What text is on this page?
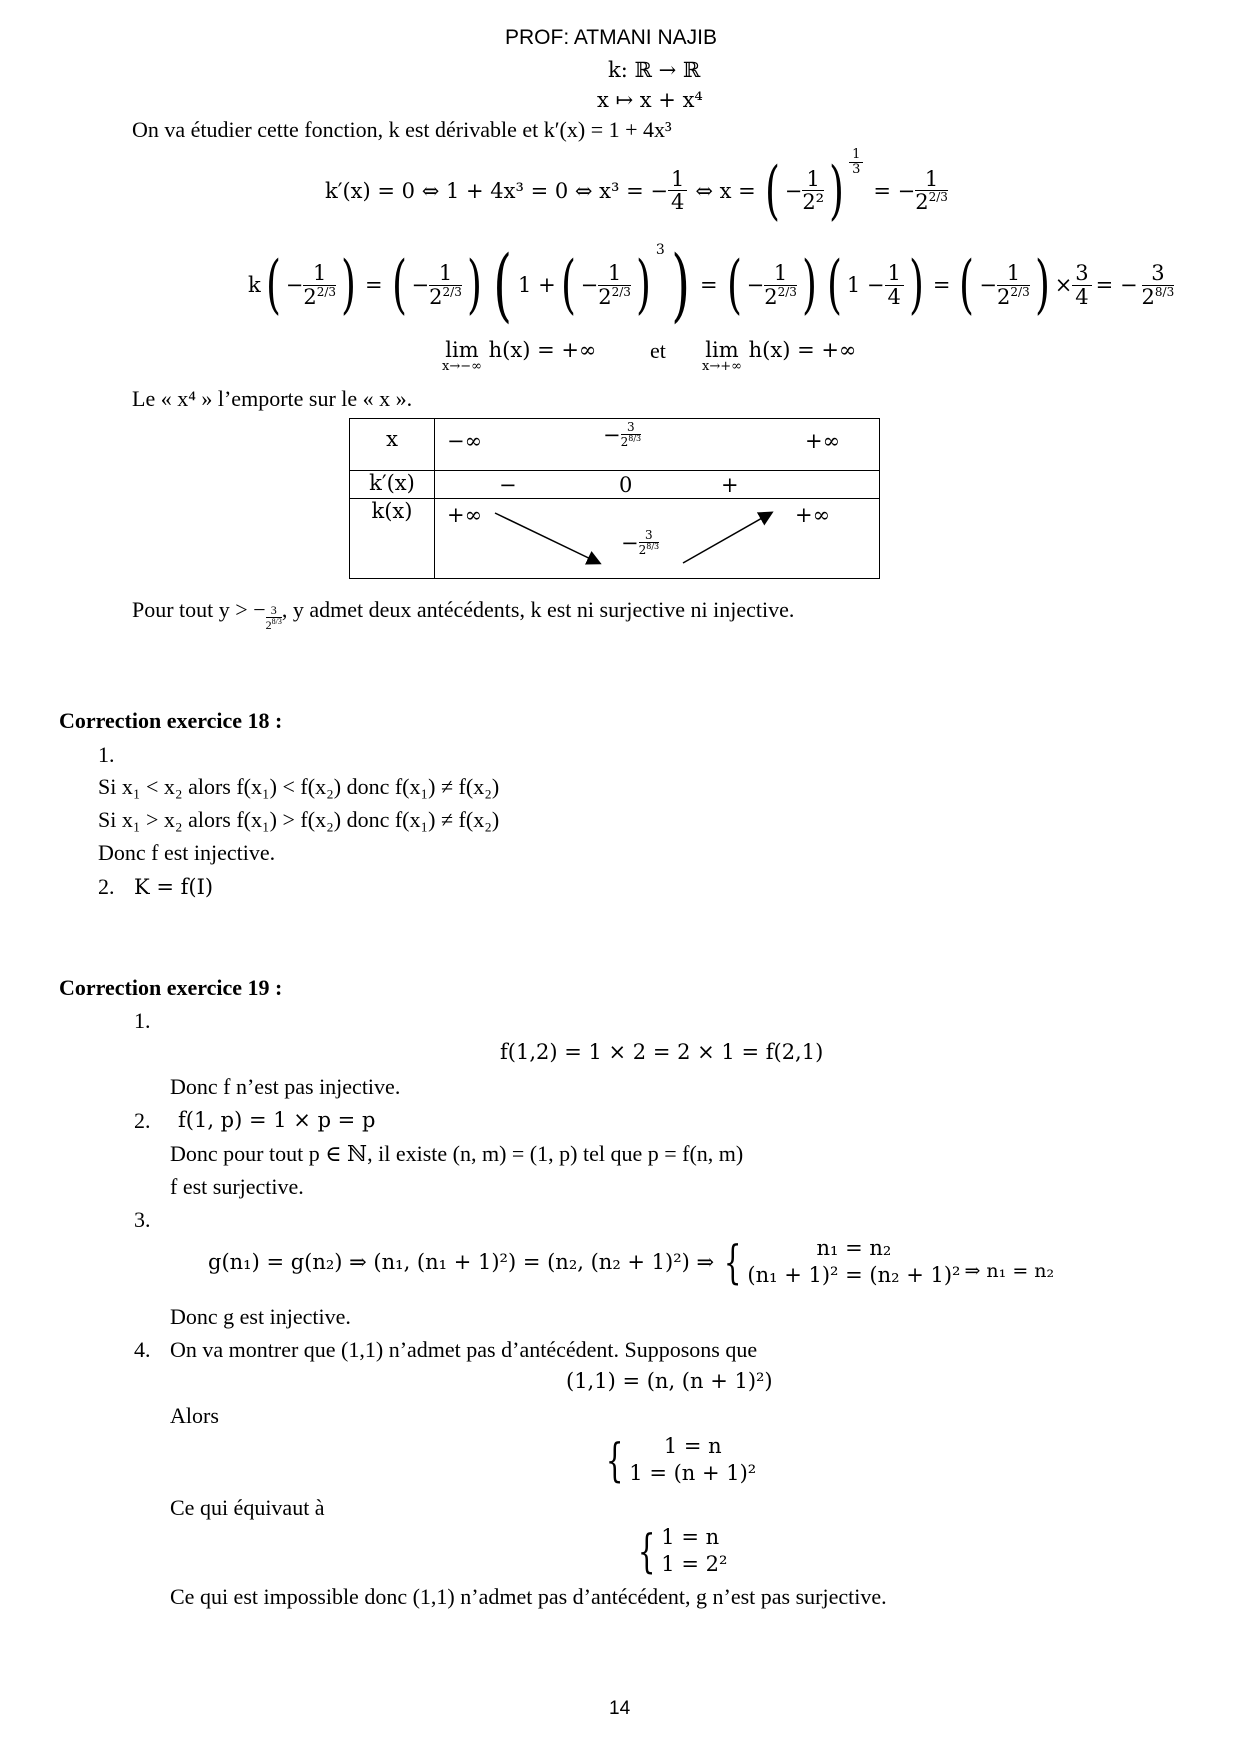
PROF: ATMANI NAJIB
k: ℝ → ℝ
x ↦ x + x⁴
On va étudier cette fonction, k est dérivable et k′(x) = 1 + 4x³
k′(x) = 0 ⇔ 1 + 4x³ = 0 ⇔ x³ = − $\frac{1}{4}$ ⇔ x = ( − $\frac{1}{\text{2²}}$ ) $\frac{1}{3}$
= − $\frac{1}{2^{2/3}}$
k ( − $\frac{1}{2^{2/3}}$ ) = ( − $\frac{1}{2^{2/3}}$ ) ( 1 + ( − $\frac{1}{2^{2/3}}$ ) $^3$ ) = ( − $\frac{1}{2^{2/3}}$ ) ( $1 - \frac{1}{4}$ ) = ( − $\frac{1}{2^{2/3}}$ ) × $\frac{3}{4}$ = − $\frac{3}{2^{8/3}}$
lim
x→−∞
h(x) = +∞ et lim
x→+∞
h(x) = +∞
Le « x⁴ » l’emporte sur le « x ».
x	−∞ − $\frac{3}{2^{8/3}}$ +∞

k′(x)	− 0 +

k(x)	+∞ +∞
− $\frac{3}{2^{8/3}}$
Pour tout y > − $\frac{3}{2^{8/3}}$ , y admet deux antécédents, k est ni surjective ni injective.
Correction exercice 18 :
1.
Si x₁ < x₂ alors f(x₁) < f(x₂) donc f(x₁) ≠ f(x₂)
Si x₁ > x₂ alors f(x₁) > f(x₂) donc f(x₁) ≠ f(x₂)
Donc f est injective.
2. K = f(I)
Correction exercice 19 :
1.
f(1,2) = 1 × 2 = 2 × 1 = f(2,1)
Donc f n’est pas injective.
2. f(1, p) = 1 × p = p
Donc pour tout p ∈ ℕ, il existe (n, m) = (1, p) tel que p = f(n, m)
f est surjective.
3.
g(n₁) = g(n₂) ⇒ (n₁, (n₁ + 1)²) = (n₂, (n₂ + 1)²) ⇒ {	n₁ = n₂
(n₁ + 1)² = (n₂ + 1)² ⇒ n₁ = n₂
Donc g est injective.
4. On va montrer que (1,1) n’admet pas d’antécédent. Supposons que
(1,1) = (n, (n + 1)²)
Alors
{	1 = n
1 = (n + 1)²
Ce qui équivaut à
{ 1 = n
1 = 2²
Ce qui est impossible donc (1,1) n’admet pas d’antécédent, g n’est pas surjective.
14
